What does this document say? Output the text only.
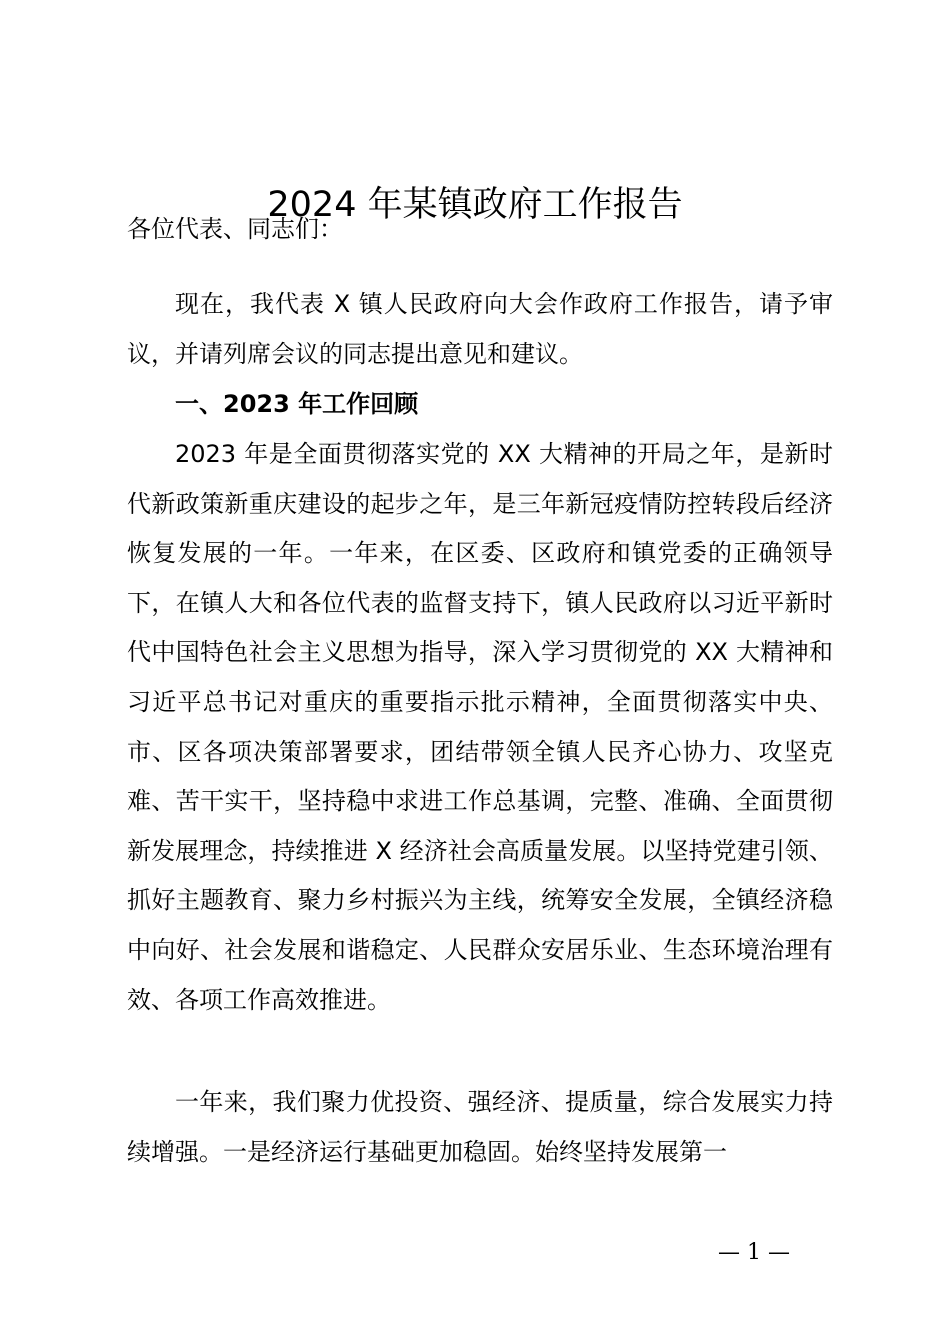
2024 年某镇政府工作报告
各位代表、同志们：
现在，我代表 X 镇人民政府向大会作政府工作报告，请予审议，并请列席会议的同志提出意见和建议。
一、2023 年工作回顾
2023 年是全面贯彻落实党的 XX 大精神的开局之年，是新时代新政策新重庆建设的起步之年，是三年新冠疫情防控转段后经济恢复发展的一年。一年来，在区委、区政府和镇党委的正确领导下，在镇人大和各位代表的监督支持下，镇人民政府以习近平新时代中国特色社会主义思想为指导，深入学习贯彻党的 XX 大精神和习近平总书记对重庆的重要指示批示精神，全面贯彻落实中央、市、区各项决策部署要求，团结带领全镇人民齐心协力、攻坚克难、苦干实干，坚持稳中求进工作总基调，完整、准确、全面贯彻新发展理念，持续推进 X 经济社会高质量发展。以坚持党建引领、抓好主题教育、聚力乡村振兴为主线，统筹安全发展，全镇经济稳中向好、社会发展和谐稳定、人民群众安居乐业、生态环境治理有效、各项工作高效推进。
一年来，我们聚力优投资、强经济、提质量，综合发展实力持续增强。一是经济运行基础更加稳固。始终坚持发展第一
— 1 —
